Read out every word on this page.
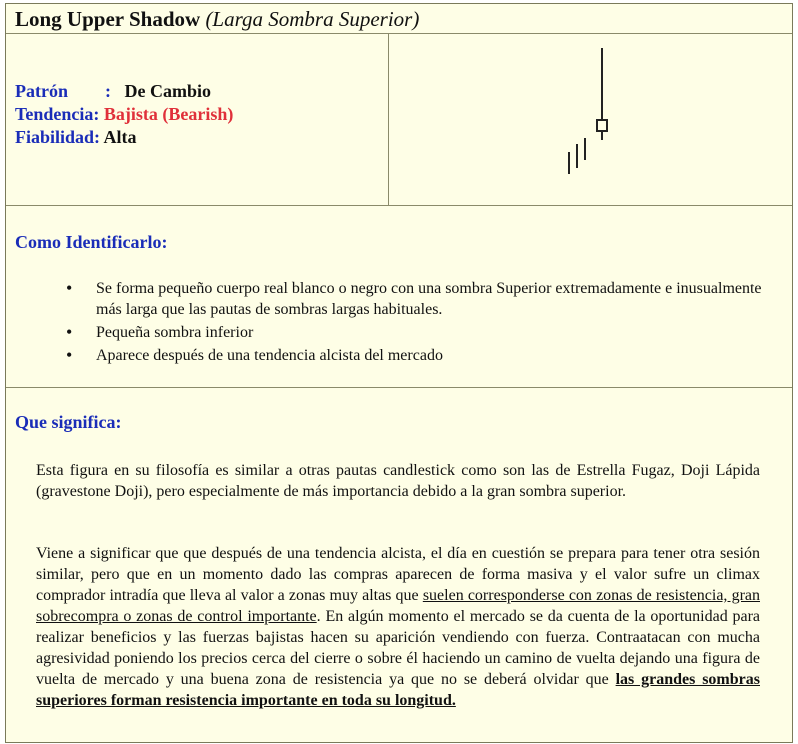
Long Upper Shadow (Larga Sombra Superior)
Patrón : De Cambio
Tendencia: Bajista (Bearish)
Fiabilidad: Alta
Como Identificarlo:
• Se forma pequeño cuerpo real blanco o negro con una sombra Superior extremadamente e inusualmente más larga que las pautas de sombras largas habituales.
• Pequeña sombra inferior
• Aparece después de una tendencia alcista del mercado
Que significa:

Esta figura en su filosofía es similar a otras pautas candlestick como son las de Estrella Fugaz, Doji Lápida (gravestone Doji), pero especialmente de más importancia debido a la gran sombra superior.

Viene a significar que que después de una tendencia alcista, el día en cuestión se prepara para tener otra sesión similar, pero que en un momento dado las compras aparecen de forma masiva y el valor sufre un climax comprador intradía que lleva al valor a zonas muy altas que suelen corresponderse con zonas de resistencia, gran sobrecompra o zonas de control importante. En algún momento el mercado se da cuenta de la oportunidad para realizar beneficios y las fuerzas bajistas hacen su aparición vendiendo con fuerza. Contraatacan con mucha agresividad poniendo los precios cerca del cierre o sobre él haciendo un camino de vuelta dejando una figura de vuelta de mercado y una buena zona de resistencia ya que no se deberá olvidar que las grandes sombras superiores forman resistencia importante en toda su longitud.
